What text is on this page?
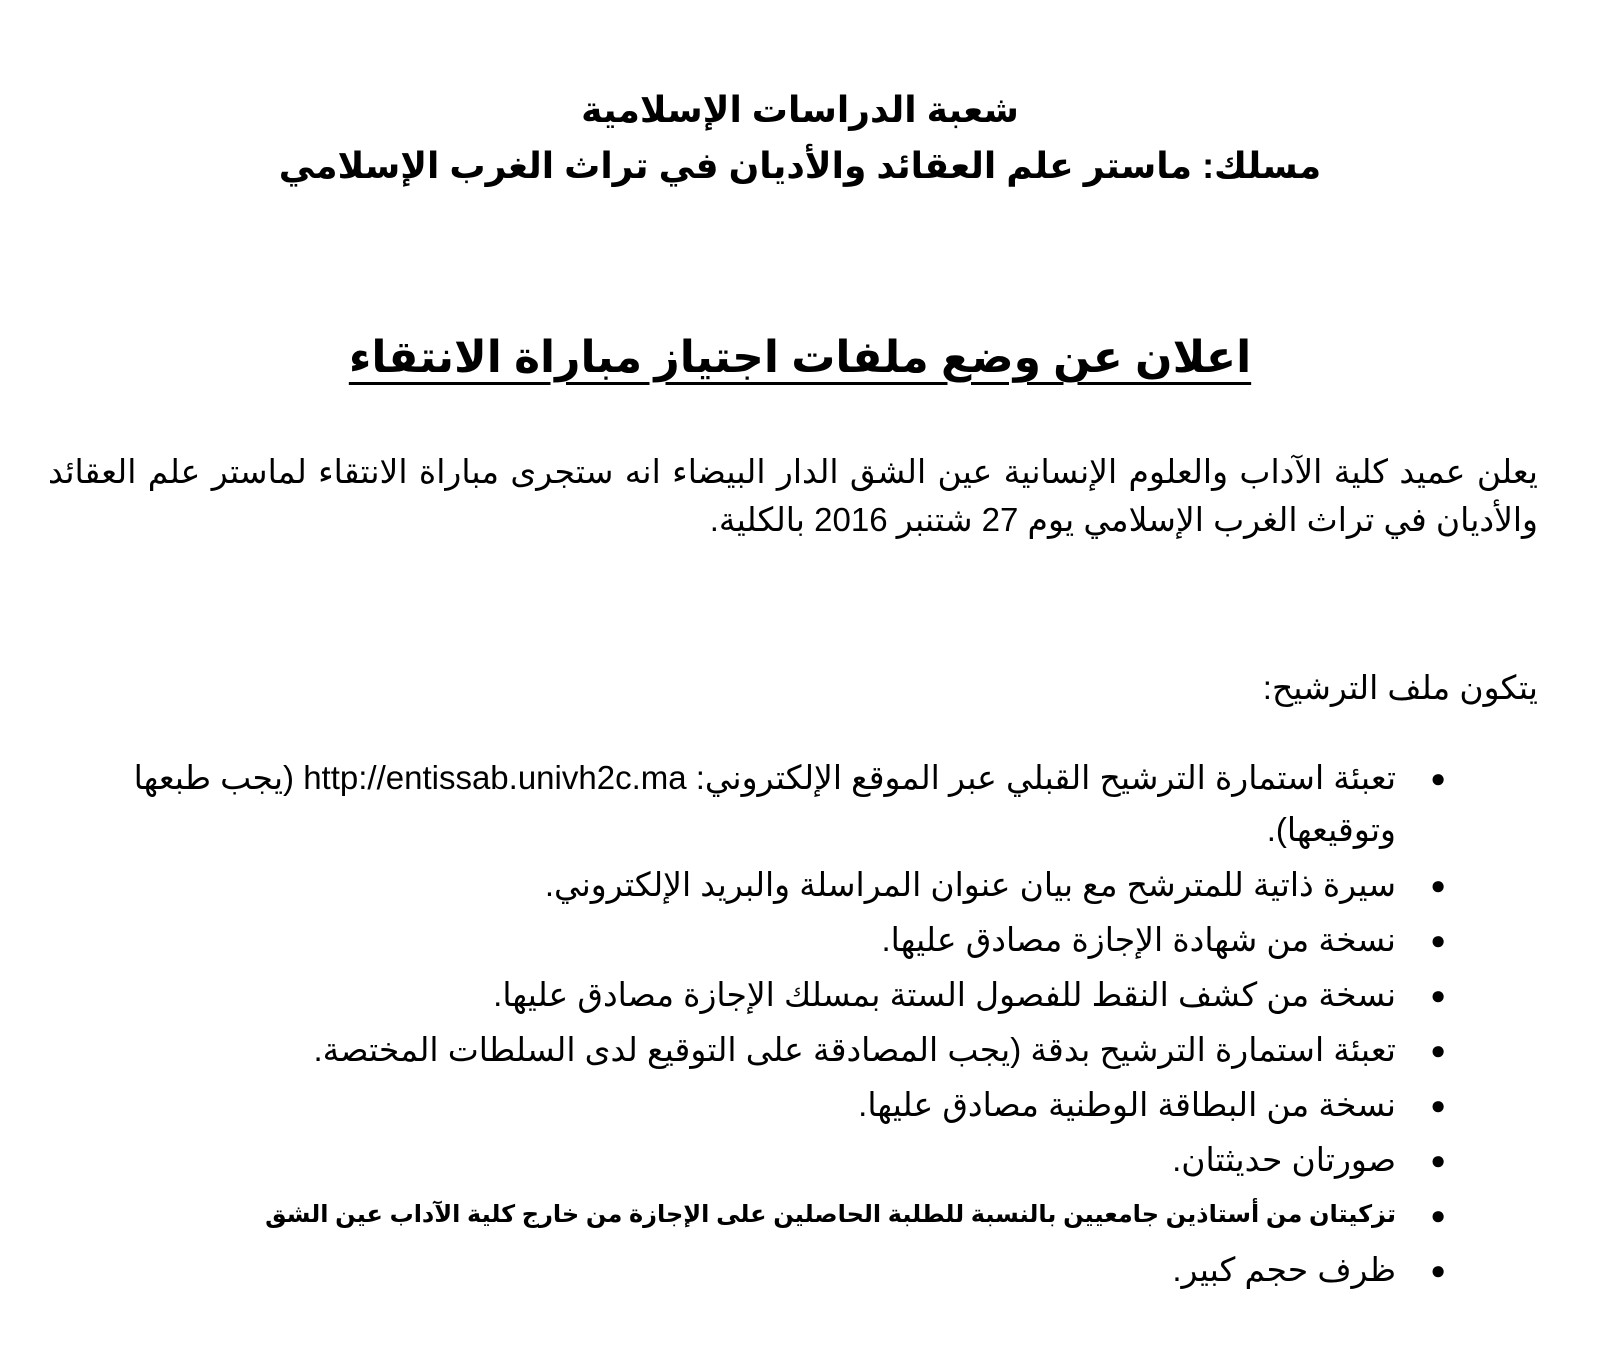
شعبة الدراسات الإسلامية
مسلك: ماستر علم العقائد والأديان في تراث الغرب الإسلامي
اعلان عن وضع ملفات اجتياز مباراة الانتقاء

يعلن عميد كلية الآداب والعلوم الإنسانية عين الشق الدار البيضاء انه ستجرى مباراة الانتقاء لماستر علم العقائد والأديان في تراث الغرب الإسلامي يوم 27 شتنبر 2016 بالكلية.

يتكون ملف الترشيح:
●
تعبئة استمارة الترشيح القبلي عبر الموقع الإلكتروني: http://entissab.univh2c.ma (يجب طبعها وتوقيعها).
●
سيرة ذاتية للمترشح مع بيان عنوان المراسلة والبريد الإلكتروني.
●
نسخة من شهادة الإجازة مصادق عليها.
●
نسخة من كشف النقط للفصول الستة بمسلك الإجازة مصادق عليها.
●
تعبئة استمارة الترشيح بدقة (يجب المصادقة على التوقيع لدى السلطات المختصة.
●
نسخة من البطاقة الوطنية مصادق عليها.
●
صورتان حديثتان.
●
تزكيتان من أستاذين جامعيين بالنسبة للطلبة الحاصلين على الإجازة من خارج كلية الآداب عين الشق
●
ظرف حجم كبير.
